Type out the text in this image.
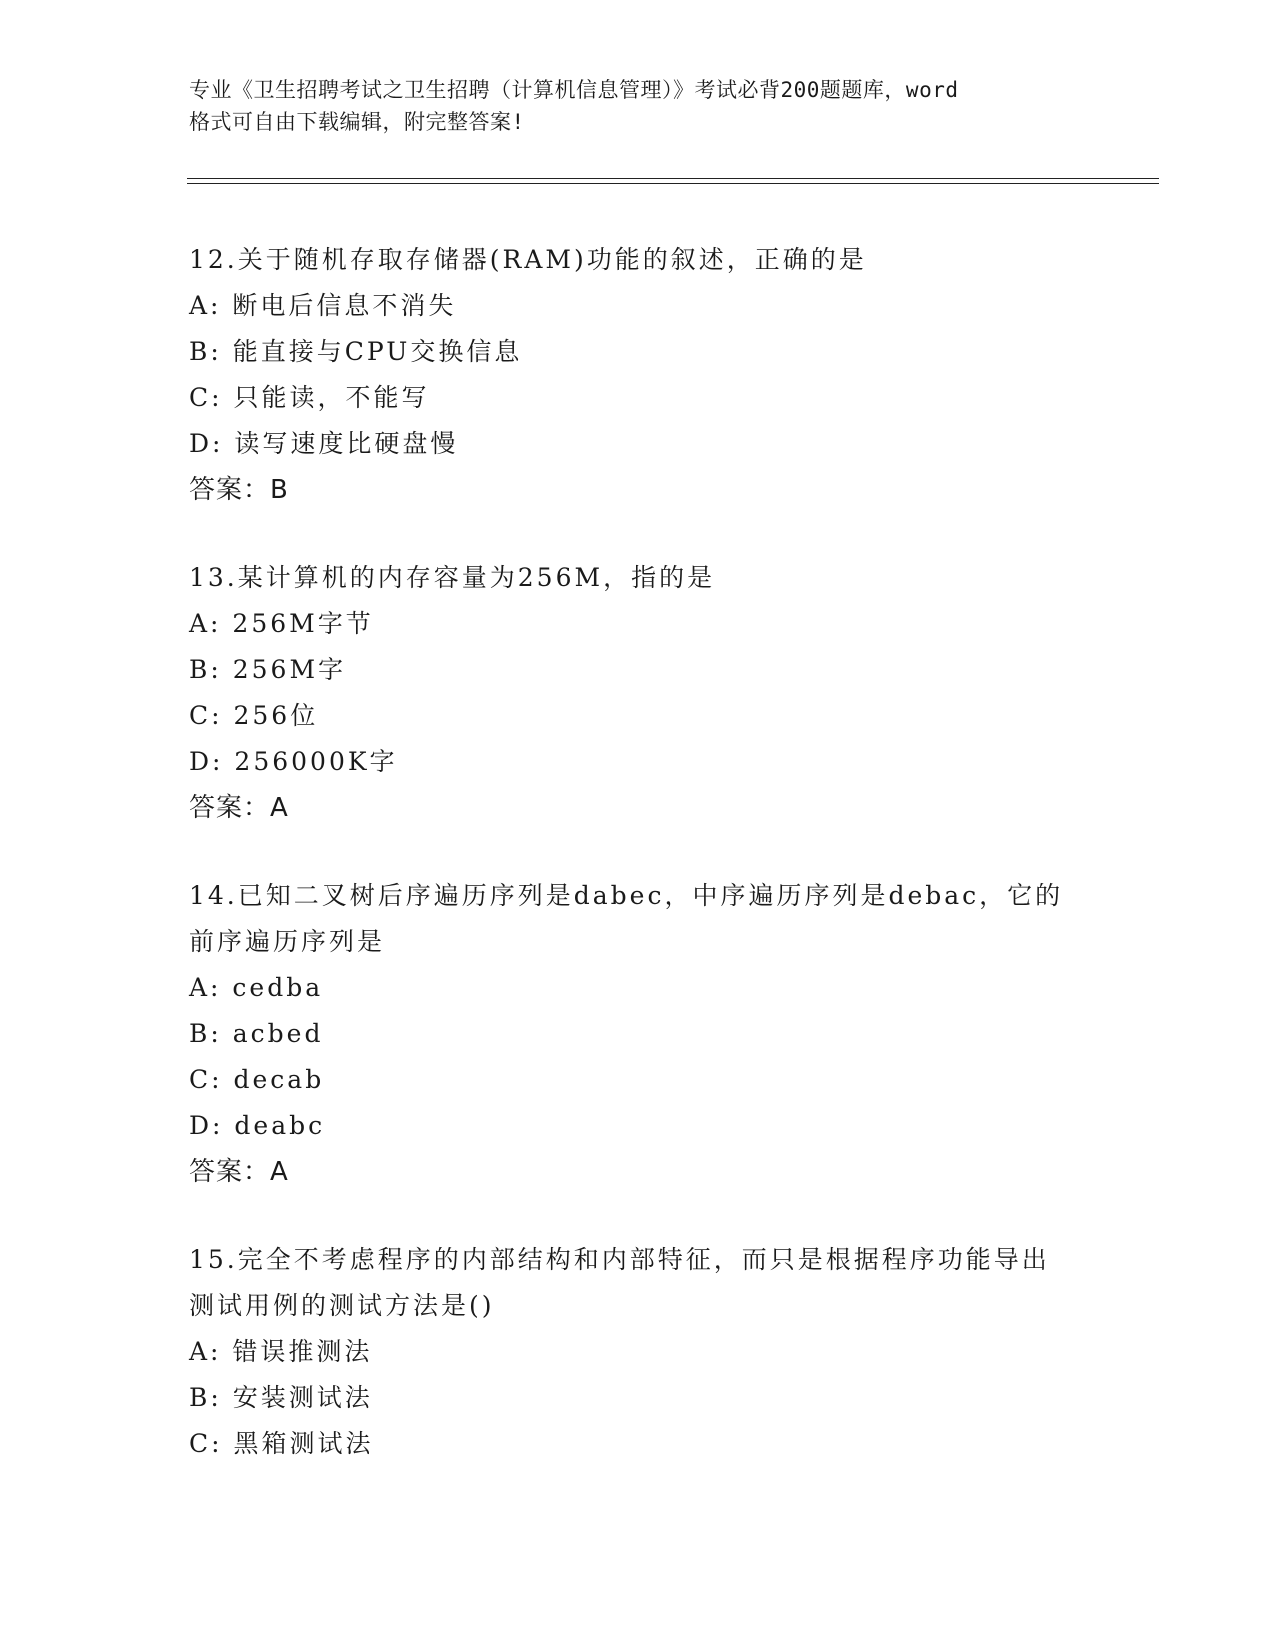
专业《卫生招聘考试之卫生招聘（计算机信息管理）》考试必背200题题库，word
格式可自由下载编辑，附完整答案!
12.关于随机存取存储器(RAM)功能的叙述，正确的是
A: 断电后信息不消失
B: 能直接与CPU交换信息
C: 只能读，不能写
D: 读写速度比硬盘慢
答案：B
13.某计算机的内存容量为256M，指的是
A: 256M字节
B: 256M字
C: 256位
D: 256000K字
答案：A
14.已知二叉树后序遍历序列是dabec，中序遍历序列是debac，它的
前序遍历序列是
A: cedba
B: acbed
C: decab
D: deabc
答案：A
15.完全不考虑程序的内部结构和内部特征，而只是根据程序功能导出
测试用例的测试方法是()
A: 错误推测法
B: 安装测试法
C: 黑箱测试法
